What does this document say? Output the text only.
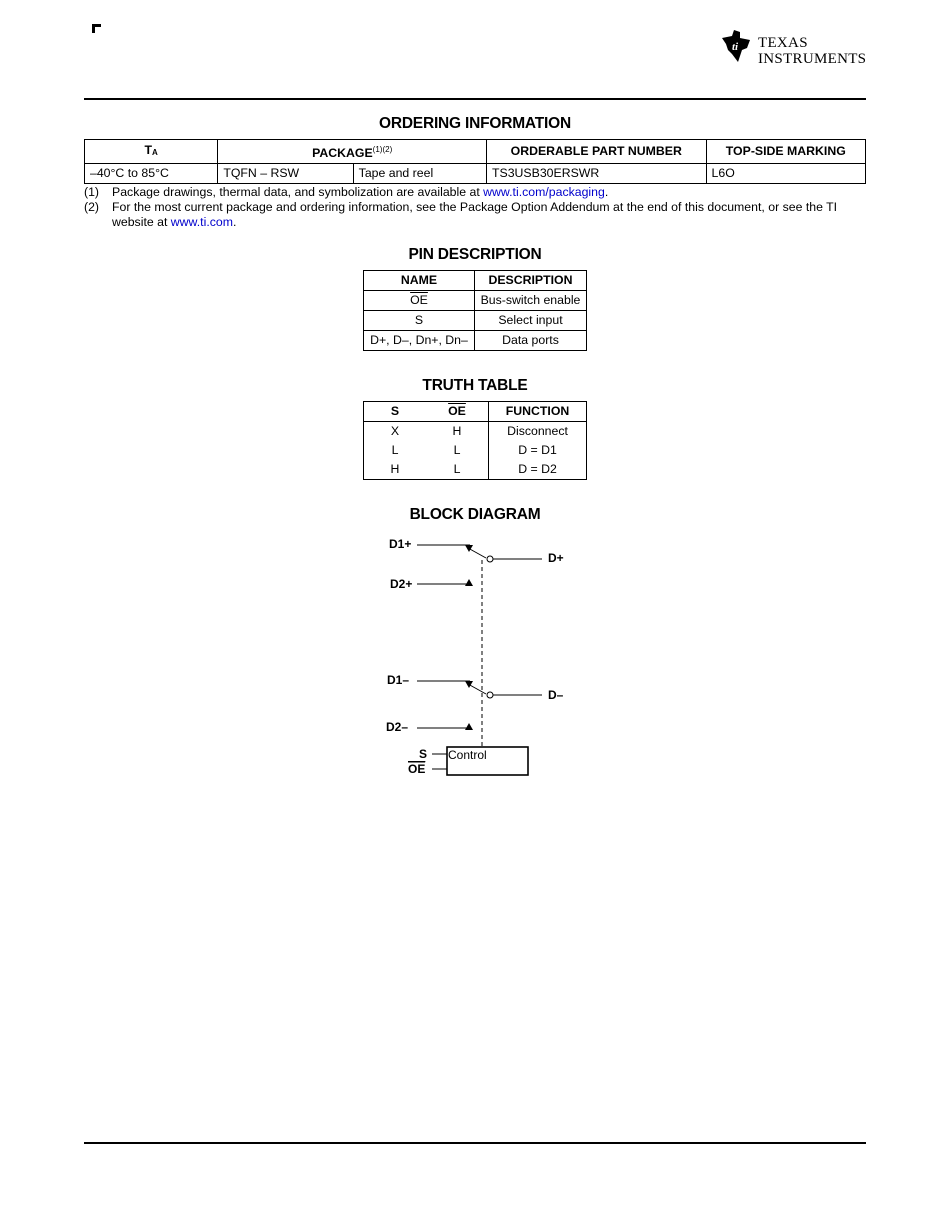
ti TEXAS
INSTRUMENTS
ORDERING INFORMATION
$T_A$	PACKAGE$^{(1)(2)}$		ORDERABLE PART NUMBER	TOP-SIDE MARKING
–40°C to 85°C	TQFN – RSW	Tape and reel	TS3USB30ERSWR	L6O
(1)	Package drawings, thermal data, and symbolization are available at www.ti.com/packaging.
(2)	For the most current package and ordering information, see the Package Option Addendum at the end of this document, or see the TI website at www.ti.com.
PIN DESCRIPTION
NAME	DESCRIPTION
$\overline{OE}$	Bus-switch enable
S	Select input
D+, D–, Dn+, Dn–	Data ports
TRUTH TABLE
S	$\overline{OE}$	FUNCTION
X	H	Disconnect
L	L	D = D1
H	L	D = D2
BLOCK DIAGRAM
D1+
D2+
D+
D1–
D2–
D–
S
OE
Control
